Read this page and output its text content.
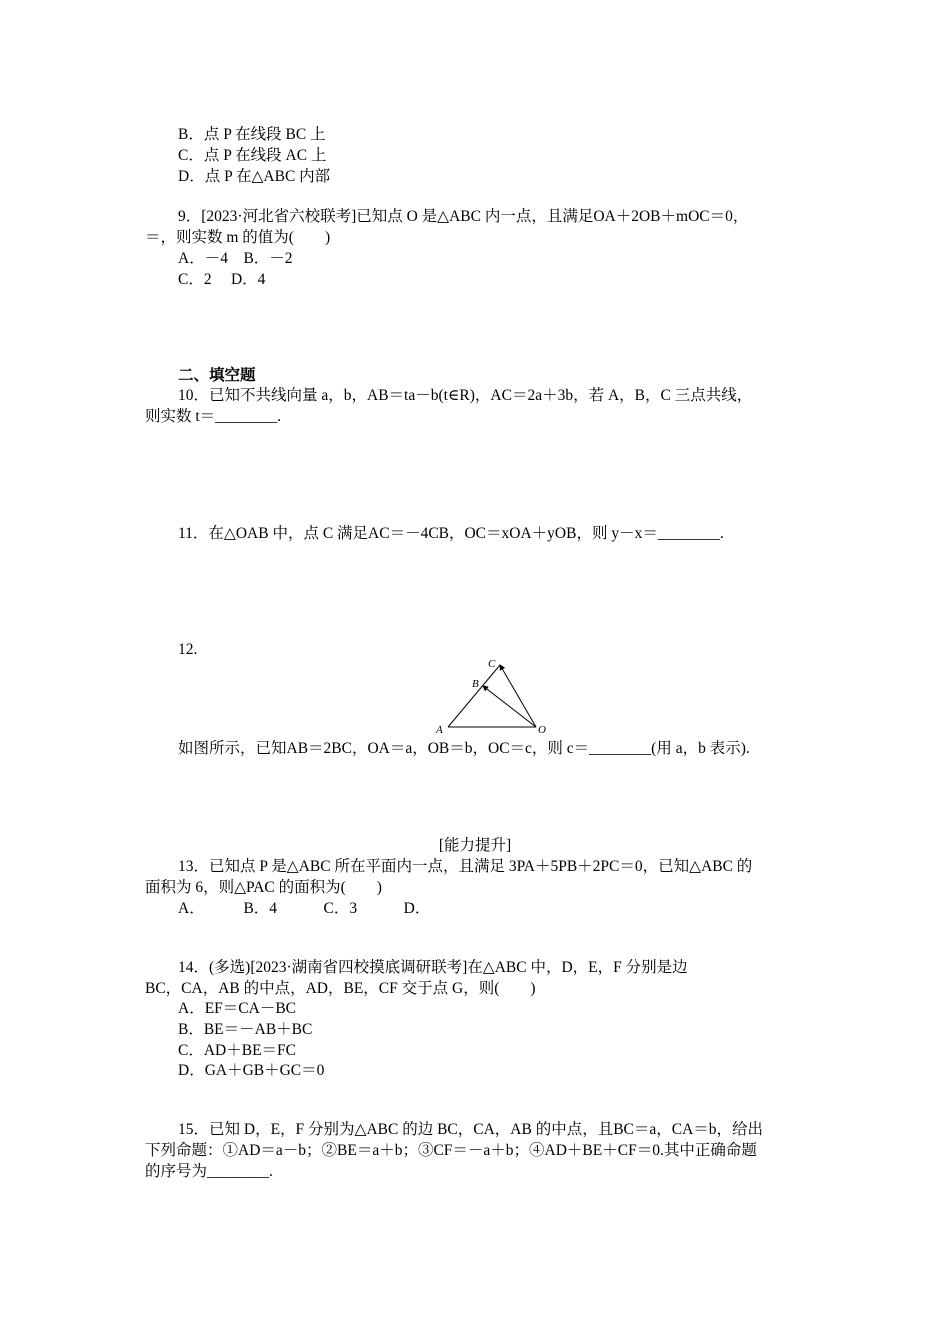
B．点 P 在线段 BC 上
C．点 P 在线段 AC 上
D．点 P 在△ABC 内部
9．[2023·河北省六校联考]已知点 O 是△ABC 内一点，且满足OA＋2OB＋mOC＝0，
＝，则实数 m 的值为(　　)
A．－4　B．－2
C．2　 D．4
二、填空题
10．已知不共线向量 a，b，AB＝ta－b(t∈R)，AC＝2a＋3b，若 A，B，C 三点共线，
则实数 t＝________.
11．在△OAB 中，点 C 满足AC＝－4CB，OC＝xOA＋yOB，则 y－x＝________.
12.
A
B
C
O
如图所示，已知AB＝2BC，OA＝a，OB＝b，OC＝c，则 c＝________(用 a，b 表示).
[能力提升]
13．已知点 P 是△ABC 所在平面内一点，且满足 3PA＋5PB＋2PC＝0，已知△ABC 的
面积为 6，则△PAC 的面积为(　　)
A．　　　B．4　　　C．3　　　D．
14．(多选)[2023·湖南省四校摸底调研联考]在△ABC 中，D，E，F 分别是边
BC，CA，AB 的中点，AD，BE，CF 交于点 G，则(　　)
A．EF＝CA－BC
B．BE＝－AB＋BC
C．AD＋BE＝FC
D．GA＋GB＋GC＝0
15．已知 D，E，F 分别为△ABC 的边 BC，CA，AB 的中点，且BC＝a，CA＝b，给出
下列命题：①AD＝a－b；②BE＝a＋b；③CF＝－a＋b；④AD＋BE＋CF＝0.其中正确命题
的序号为________.
